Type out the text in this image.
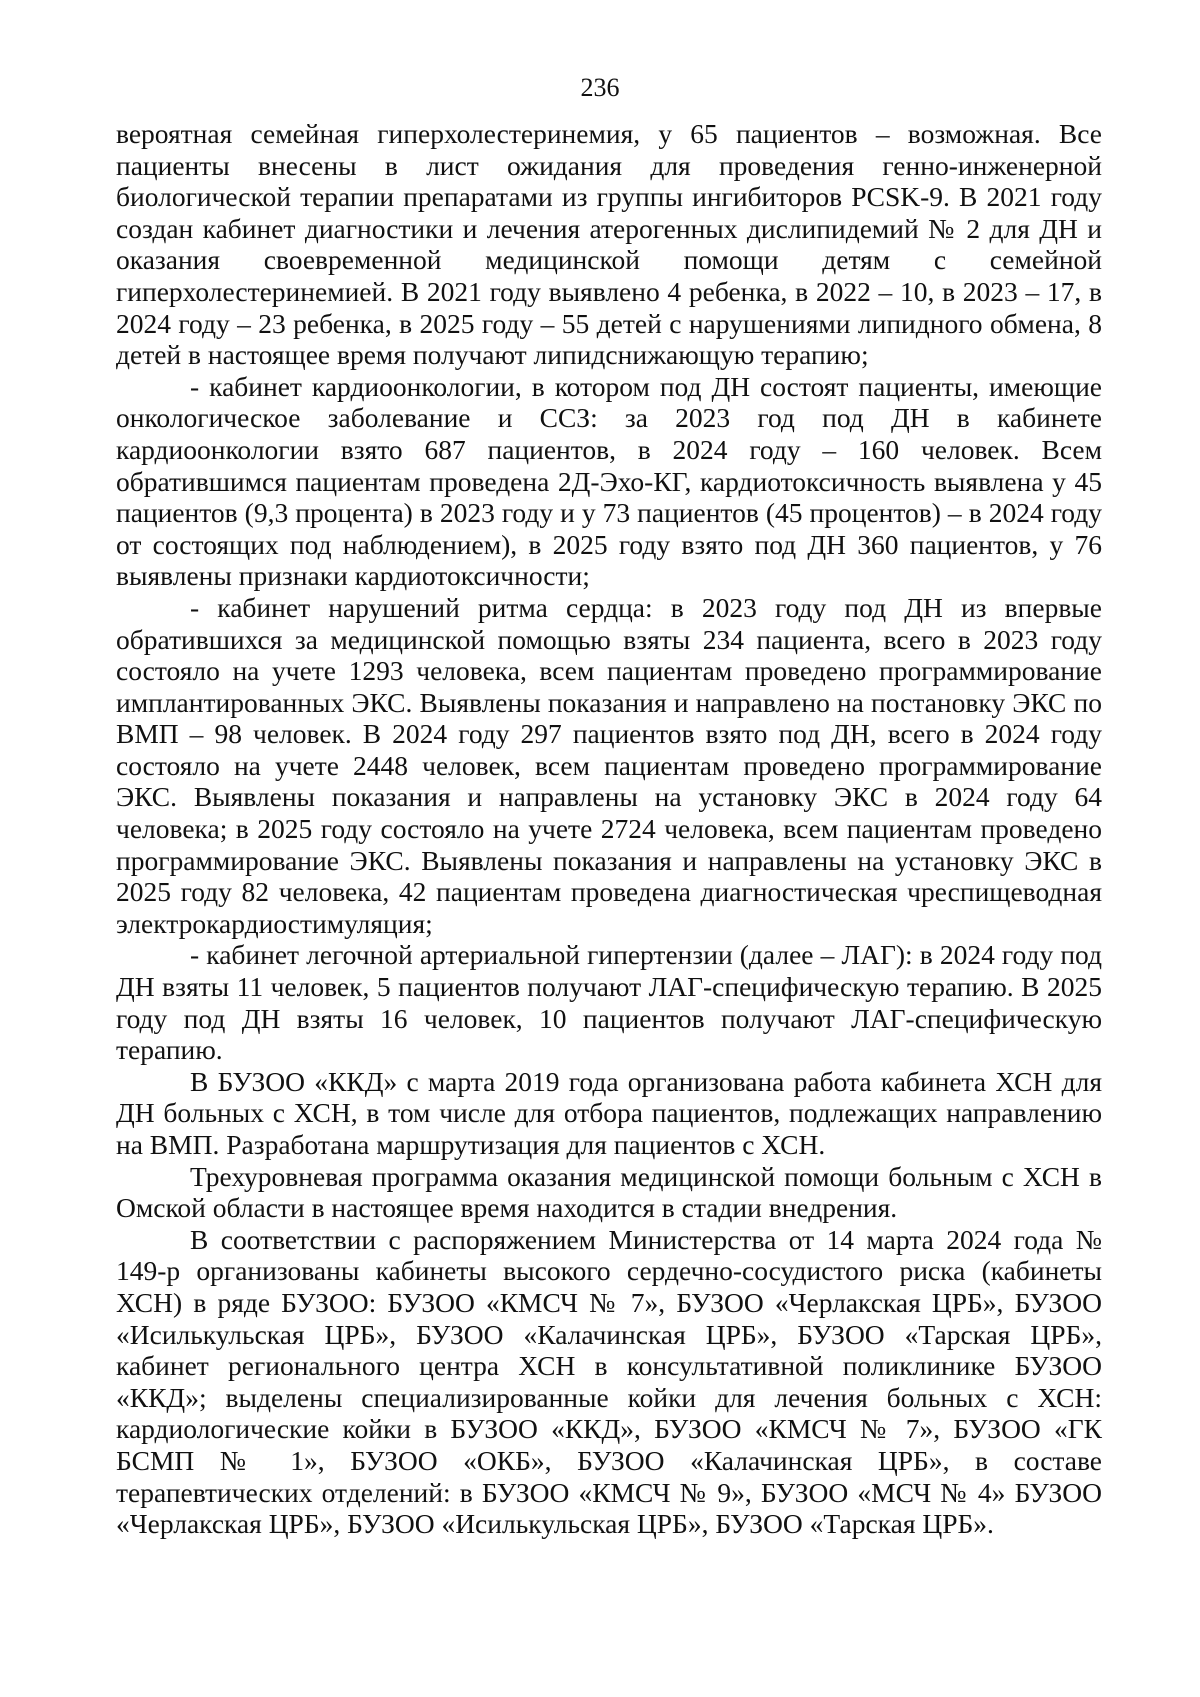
236

вероятная семейная гиперхолестеринемия, у 65 пациентов – возможная. Все пациенты внесены в лист ожидания для проведения генно-инженерной биологической терапии препаратами из группы ингибиторов PCSK-9. В 2021 году создан кабинет диагностики и лечения атерогенных дислипидемий № 2 для ДН и оказания своевременной медицинской помощи детям с семейной гиперхолестеринемией. В 2021 году выявлено 4 ребенка, в 2022 – 10, в 2023 – 17, в 2024 году – 23 ребенка, в 2025 году – 55 детей с нарушениями липидного обмена, 8 детей в настоящее время получают липидснижающую терапию;

- кабинет кардиоонкологии, в котором под ДН состоят пациенты, имеющие онкологическое заболевание и ССЗ: за 2023 год под ДН в кабинете кардиоонкологии взято 687 пациентов, в 2024 году – 160 человек. Всем обратившимся пациентам проведена 2Д-Эхо-КГ, кардиотоксичность выявлена у 45 пациентов (9,3 процента) в 2023 году и у 73 пациентов (45 процентов) – в 2024 году от состоящих под наблюдением), в 2025 году взято под ДН 360 пациентов, у 76 выявлены признаки кардиотоксичности;

- кабинет нарушений ритма сердца: в 2023 году под ДН из впервые обратившихся за медицинской помощью взяты 234 пациента, всего в 2023 году состояло на учете 1293 человека, всем пациентам проведено программирование имплантированных ЭКС. Выявлены показания и направлено на постановку ЭКС по ВМП – 98 человек. В 2024 году 297 пациентов взято под ДН, всего в 2024 году состояло на учете 2448 человек, всем пациентам проведено программирование ЭКС. Выявлены показания и направлены на установку ЭКС в 2024 году 64 человека; в 2025 году состояло на учете 2724 человека, всем пациентам проведено программирование ЭКС. Выявлены показания и направлены на установку ЭКС в 2025 году 82 человека, 42 пациентам проведена диагностическая чреспищеводная электрокардиостимуляция;

- кабинет легочной артериальной гипертензии (далее – ЛАГ): в 2024 году под ДН взяты 11 человек, 5 пациентов получают ЛАГ-специфическую терапию. В 2025 году под ДН взяты 16 человек, 10 пациентов получают ЛАГ-специфическую терапию.

В БУЗОО «ККД» с марта 2019 года организована работа кабинета ХСН для ДН больных с ХСН, в том числе для отбора пациентов, подлежащих направлению на ВМП. Разработана маршрутизация для пациентов с ХСН.

Трехуровневая программа оказания медицинской помощи больным с ХСН в Омской области в настоящее время находится в стадии внедрения.

В соответствии с распоряжением Министерства от 14 марта 2024 года № 149-р организованы кабинеты высокого сердечно-сосудистого риска (кабинеты ХСН) в ряде БУЗОО: БУЗОО «КМСЧ № 7», БУЗОО «Черлакская ЦРБ», БУЗОО «Исилькульская ЦРБ», БУЗОО «Калачинская ЦРБ», БУЗОО «Тарская ЦРБ», кабинет регионального центра ХСН в консультативной поликлинике БУЗОО «ККД»; выделены специализированные койки для лечения больных с ХСН: кардиологические койки в БУЗОО «ККД», БУЗОО «КМСЧ № 7», БУЗОО «ГК БСМП № 1», БУЗОО «ОКБ», БУЗОО «Калачинская ЦРБ», в составе терапевтических отделений: в БУЗОО «КМСЧ № 9», БУЗОО «МСЧ № 4» БУЗОО «Черлакская ЦРБ», БУЗОО «Исилькульская ЦРБ», БУЗОО «Тарская ЦРБ».
